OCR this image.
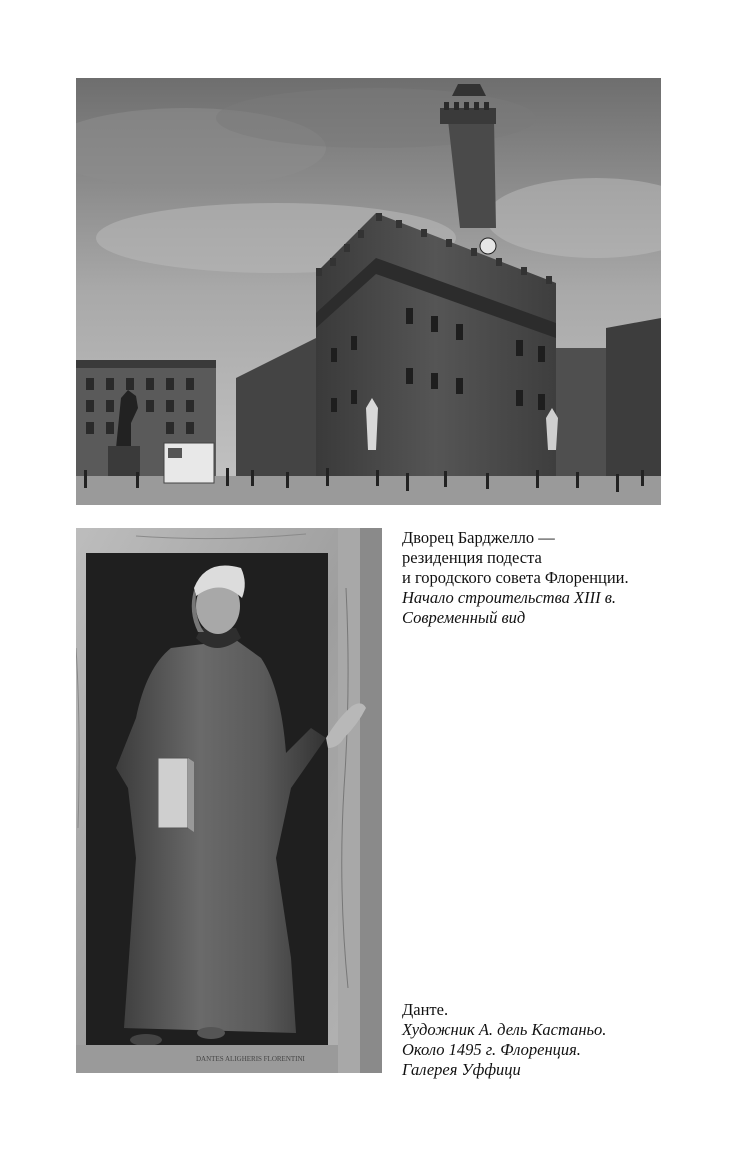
Дворец Барджелло —
резиденция подеста
и городского совета Флоренции.
Начало строительства XIII в.
Современный вид
DANTES ALIGHERIS FLORENTINI
Данте.
Художник А. дель Кастаньо.
Около 1495 г. Флоренция.
Галерея Уффици
